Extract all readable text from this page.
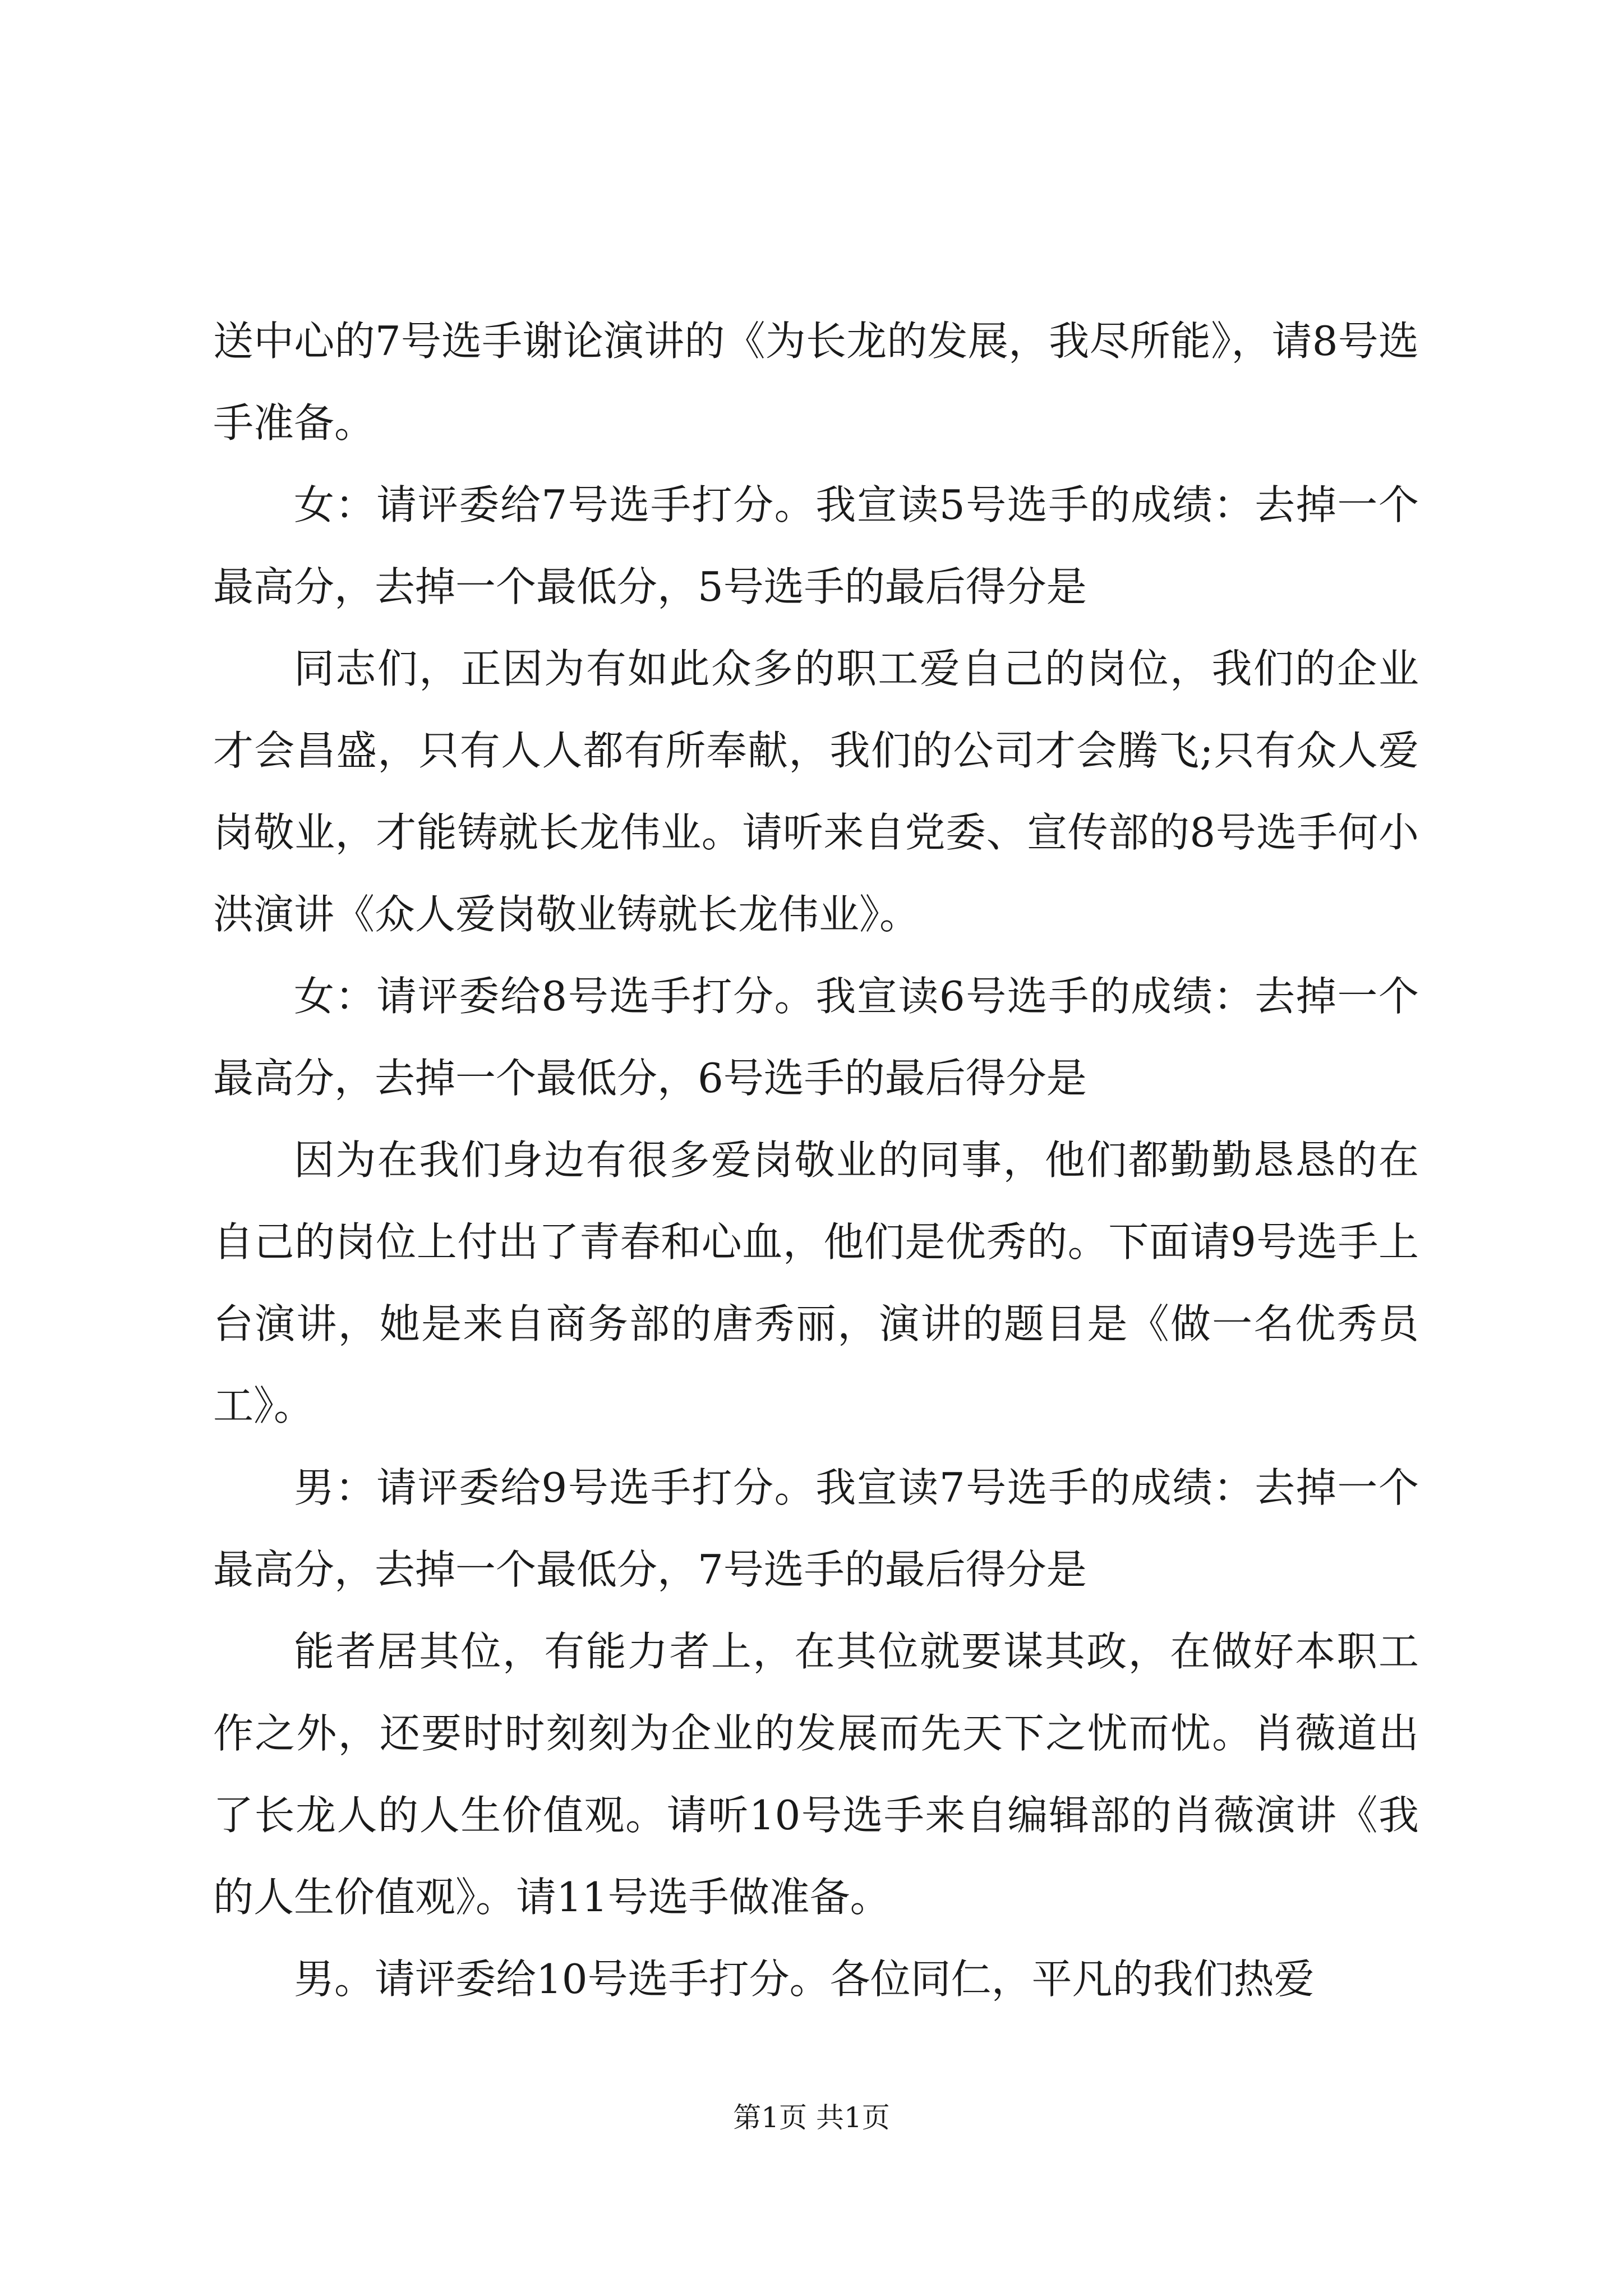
送中心的7号选手谢论演讲的《为长龙的发展，我尽所能》，请8号选手准备。

女：请评委给7号选手打分。我宣读5号选手的成绩：去掉一个最高分，去掉一个最低分，5号选手的最后得分是

同志们，正因为有如此众多的职工爱自己的岗位，我们的企业才会昌盛，只有人人都有所奉献，我们的公司才会腾飞;只有众人爱岗敬业，才能铸就长龙伟业。请听来自党委、宣传部的8号选手何小洪演讲《众人爱岗敬业铸就长龙伟业》。

女：请评委给8号选手打分。我宣读6号选手的成绩：去掉一个最高分，去掉一个最低分，6号选手的最后得分是

因为在我们身边有很多爱岗敬业的同事，他们都勤勤恳恳的在自己的岗位上付出了青春和心血，他们是优秀的。下面请9号选手上台演讲，她是来自商务部的唐秀丽，演讲的题目是《做一名优秀员工》。

男：请评委给9号选手打分。我宣读7号选手的成绩：去掉一个最高分，去掉一个最低分，7号选手的最后得分是

能者居其位，有能力者上，在其位就要谋其政，在做好本职工作之外，还要时时刻刻为企业的发展而先天下之忧而忧。肖薇道出了长龙人的人生价值观。请听10号选手来自编辑部的肖薇演讲《我的人生价值观》。请11号选手做准备。

男。请评委给10号选手打分。各位同仁，平凡的我们热爱

第1页 共1页
